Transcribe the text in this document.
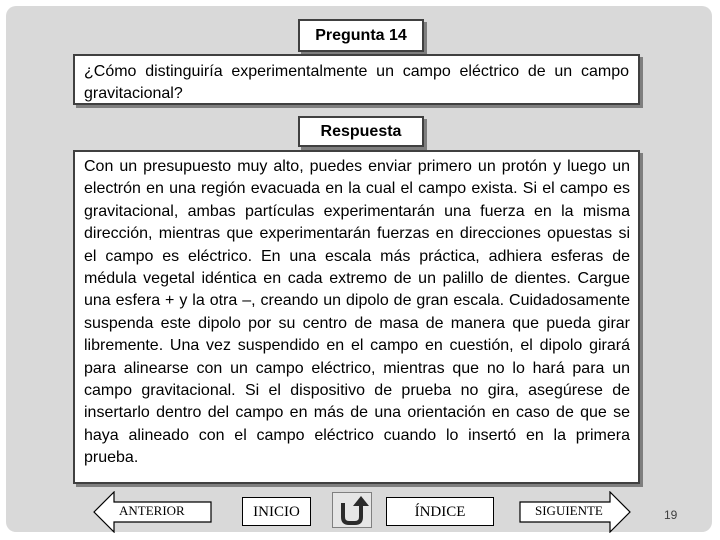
Pregunta 14
¿Cómo distinguiría experimentalmente un campo eléctrico de un campo gravitacional?
Respuesta
Con un presupuesto muy alto, puedes enviar primero un protón y luego un electrón en una región evacuada en la cual el campo exista. Si el campo es gravitacional, ambas partículas experimentarán una fuerza en la misma dirección, mientras que experimentarán fuerzas en direcciones opuestas si el campo es eléctrico. En una escala más práctica, adhiera esferas de médula vegetal idéntica en cada extremo de un palillo de dientes. Cargue una esfera + y la otra –, creando un dipolo de gran escala. Cuidadosamente suspenda este dipolo por su centro de masa de manera que pueda girar libremente. Una vez suspendido en el campo en cuestión, el dipolo girará para alinearse con un campo eléctrico, mientras que no lo hará para un campo gravitacional. Si el dispositivo de prueba no gira, asegúrese de insertarlo dentro del campo en más de una orientación en caso de que se haya alineado con el campo eléctrico cuando lo insertó en la primera prueba.
ANTERIOR	INICIO	ÍNDICE	SIGUIENTE	19
